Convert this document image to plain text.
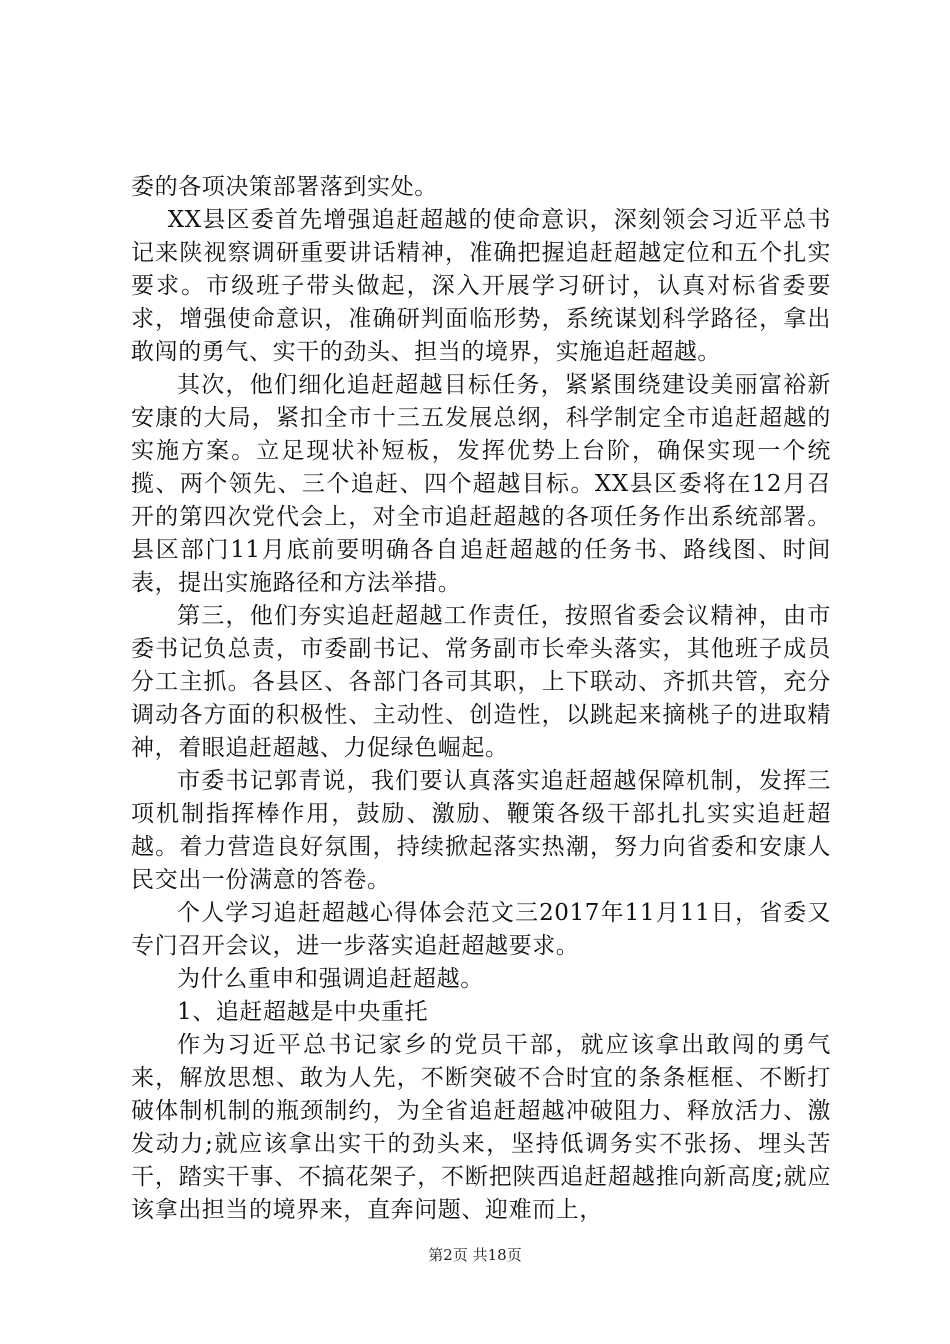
委的各项决策部署落到实处。

XX县区委首先增强追赶超越的使命意识，深刻领会习近平总书记来陕视察调研重要讲话精神，准确把握追赶超越定位和五个扎实要求。市级班子带头做起，深入开展学习研讨，认真对标省委要求，增强使命意识，准确研判面临形势，系统谋划科学路径，拿出敢闯的勇气、实干的劲头、担当的境界，实施追赶超越。

其次，他们细化追赶超越目标任务，紧紧围绕建设美丽富裕新安康的大局，紧扣全市十三五发展总纲，科学制定全市追赶超越的实施方案。立足现状补短板，发挥优势上台阶，确保实现一个统揽、两个领先、三个追赶、四个超越目标。XX县区委将在12月召开的第四次党代会上，对全市追赶超越的各项任务作出系统部署。县区部门11月底前要明确各自追赶超越的任务书、路线图、时间表，提出实施路径和方法举措。

第三，他们夯实追赶超越工作责任，按照省委会议精神，由市委书记负总责，市委副书记、常务副市长牵头落实，其他班子成员分工主抓。各县区、各部门各司其职，上下联动、齐抓共管，充分调动各方面的积极性、主动性、创造性，以跳起来摘桃子的进取精神，着眼追赶超越、力促绿色崛起。

市委书记郭青说，我们要认真落实追赶超越保障机制，发挥三项机制指挥棒作用，鼓励、激励、鞭策各级干部扎扎实实追赶超越。着力营造良好氛围，持续掀起落实热潮，努力向省委和安康人民交出一份满意的答卷。

个人学习追赶超越心得体会范文三2017年11月11日，省委又专门召开会议，进一步落实追赶超越要求。

为什么重申和强调追赶超越。

1、追赶超越是中央重托

作为习近平总书记家乡的党员干部，就应该拿出敢闯的勇气来，解放思想、敢为人先，不断突破不合时宜的条条框框、不断打破体制机制的瓶颈制约，为全省追赶超越冲破阻力、释放活力、激发动力;就应该拿出实干的劲头来，坚持低调务实不张扬、埋头苦干，踏实干事、不搞花架子，不断把陕西追赶超越推向新高度;就应该拿出担当的境界来，直奔问题、迎难而上，

第2页 共18页
